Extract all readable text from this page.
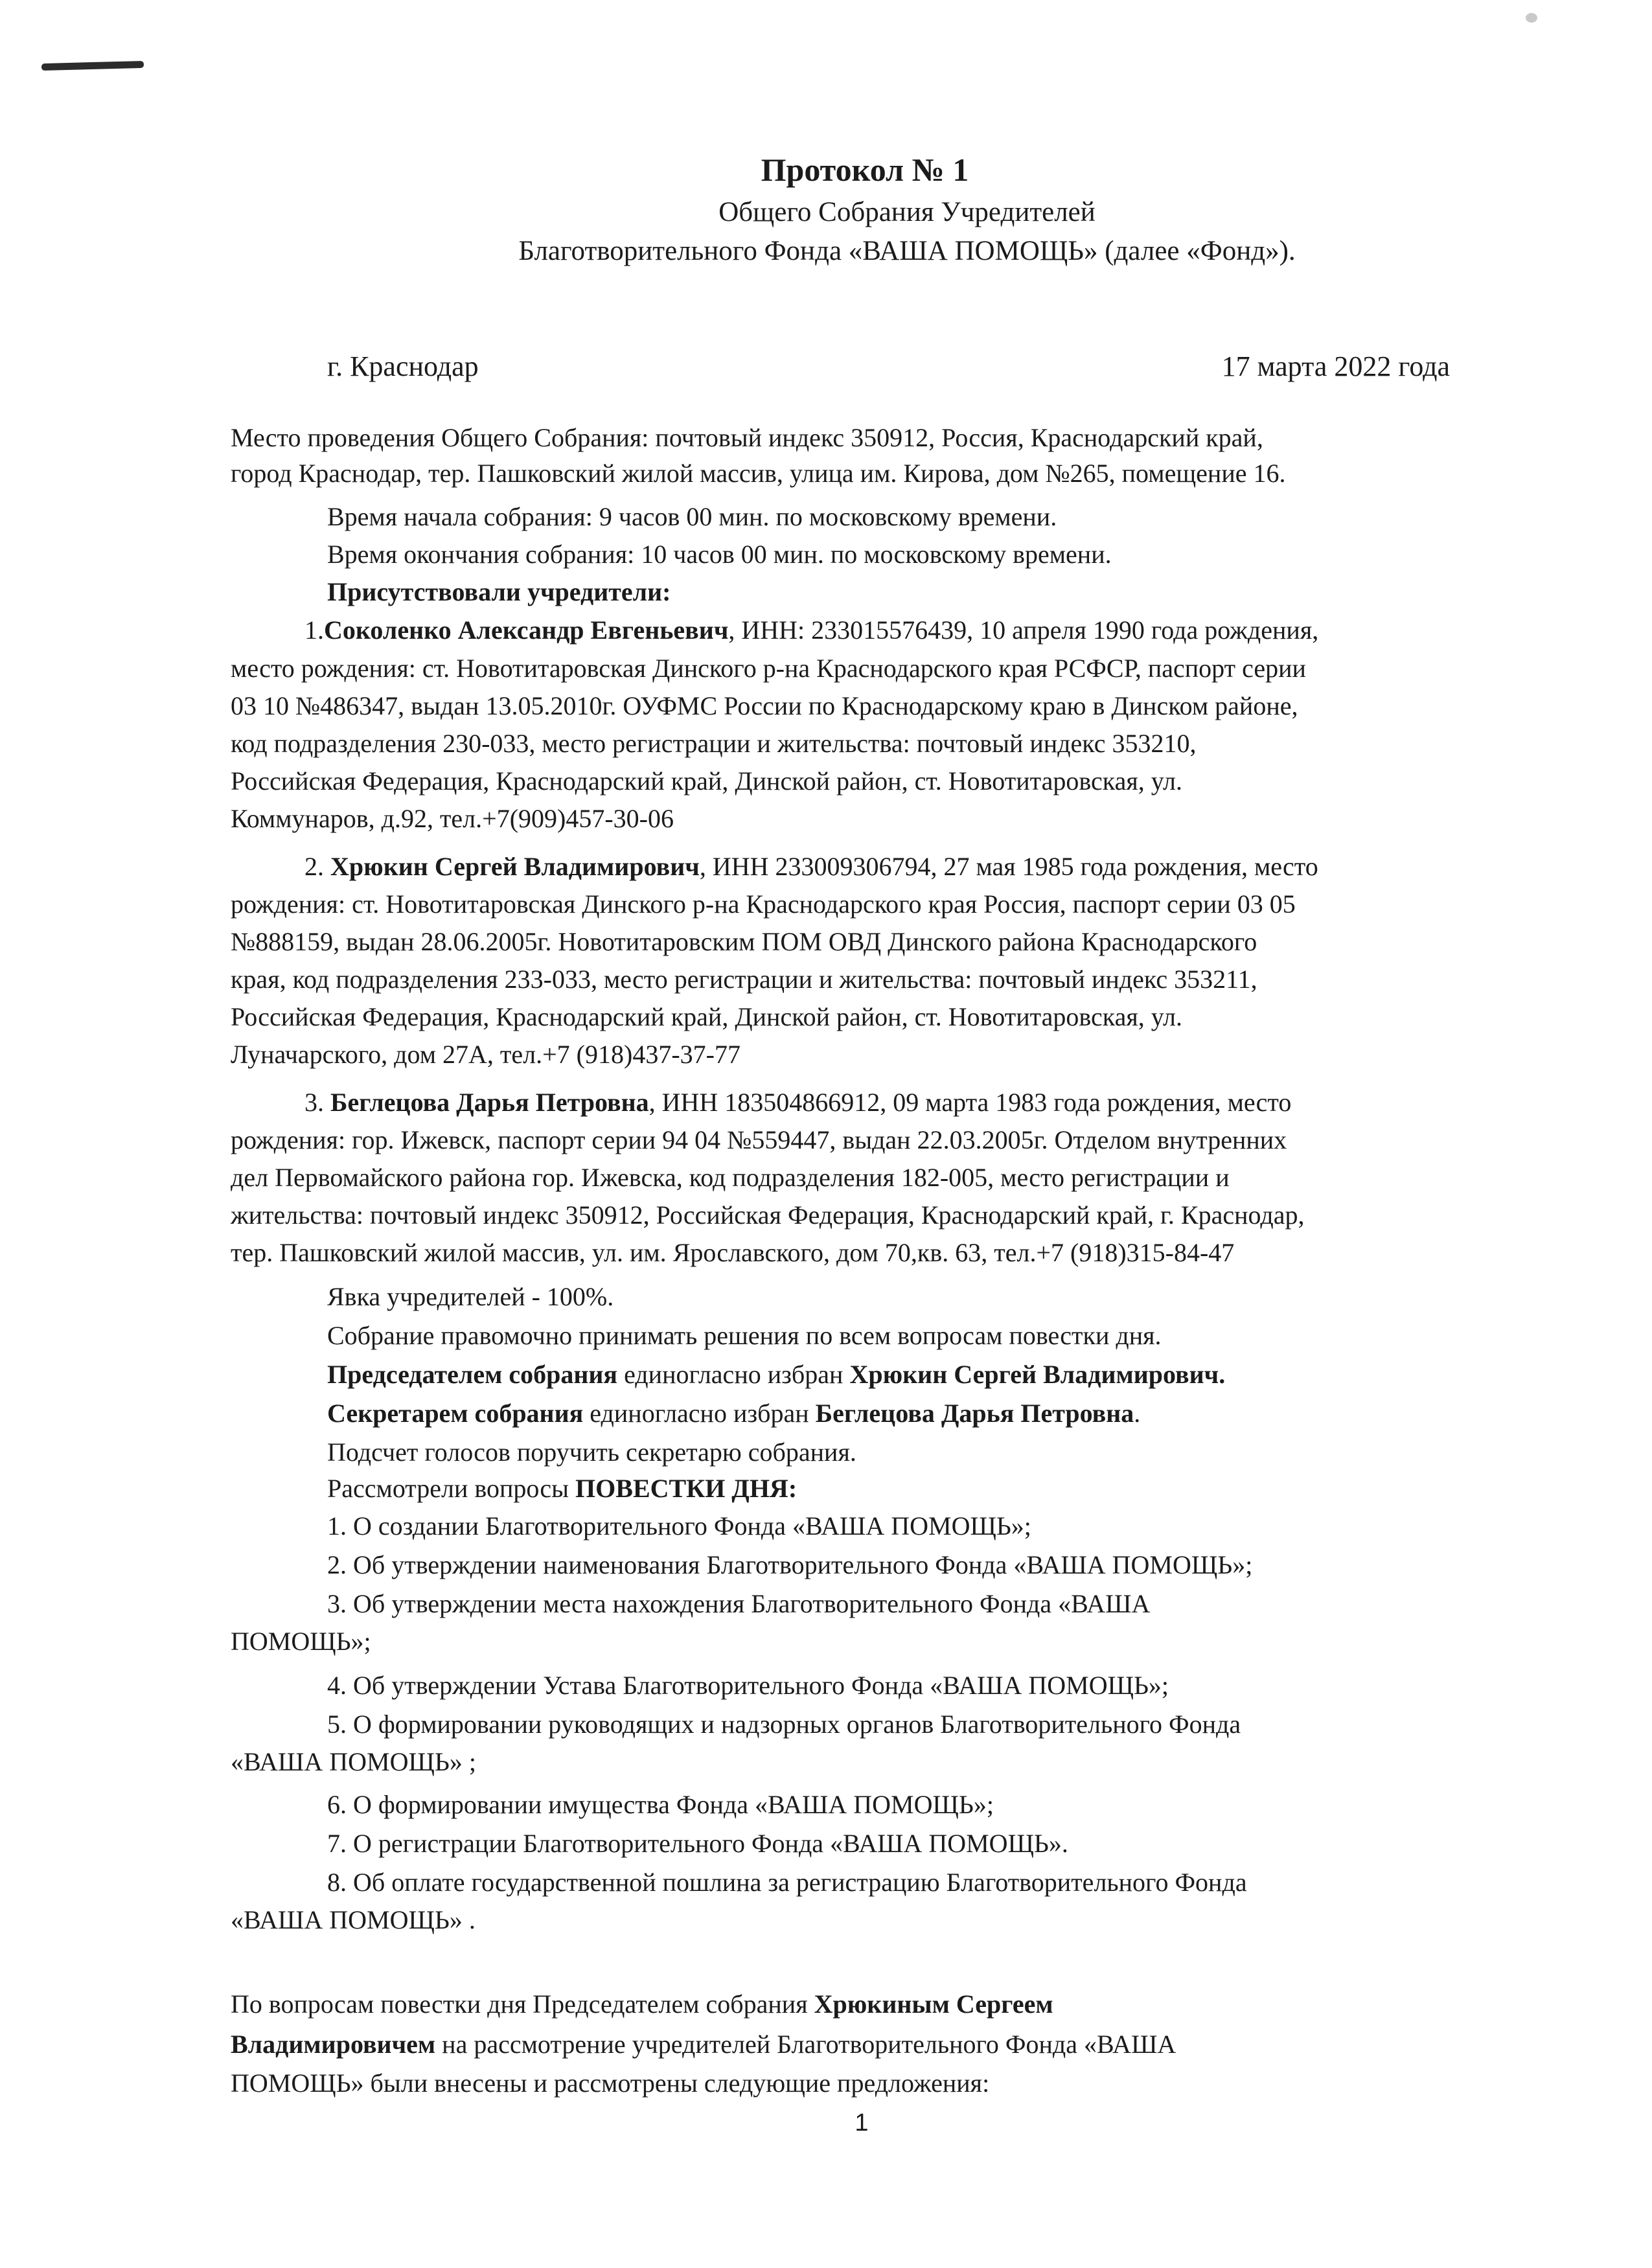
Протокол № 1
Общего Собрания Учредителей
Благотворительного Фонда «ВАША ПОМОЩЬ» (далее «Фонд»).
г. Краснодар	17 марта 2022 года
Место проведения Общего Собрания: почтовый индекс 350912, Россия, Краснодарский край,
город Краснодар, тер. Пашковский жилой массив, улица им. Кирова, дом №265, помещение 16.
Время начала собрания: 9 часов 00 мин. по московскому времени.
Время окончания собрания: 10 часов 00 мин. по московскому времени.
Присутствовали учредители:
1.Соколенко Александр Евгеньевич, ИНН: 233015576439, 10 апреля 1990 года рождения,
место рождения: ст. Новотитаровская Динского р-на Краснодарского края РСФСР, паспорт серии
03 10 №486347, выдан 13.05.2010г. ОУФМС России по Краснодарскому краю в Динском районе,
код подразделения 230-033, место регистрации и жительства: почтовый индекс 353210,
Российская Федерация, Краснодарский край, Динской район, ст. Новотитаровская, ул.
Коммунаров, д.92, тел.+7(909)457-30-06
2. Хрюкин Сергей Владимирович, ИНН 233009306794, 27 мая 1985 года рождения, место
рождения: ст. Новотитаровская Динского р-на Краснодарского края Россия, паспорт серии 03 05
№888159, выдан 28.06.2005г. Новотитаровским ПОМ ОВД Динского района Краснодарского
края, код подразделения 233-033, место регистрации и жительства: почтовый индекс 353211,
Российская Федерация, Краснодарский край, Динской район, ст. Новотитаровская, ул.
Луначарского, дом 27А, тел.+7 (918)437-37-77
3. Беглецова Дарья Петровна, ИНН 183504866912, 09 марта 1983 года рождения, место
рождения: гор. Ижевск, паспорт серии 94 04 №559447, выдан 22.03.2005г. Отделом внутренних
дел Первомайского района гор. Ижевска, код подразделения 182-005, место регистрации и
жительства: почтовый индекс 350912, Российская Федерация, Краснодарский край, г. Краснодар,
тер. Пашковский жилой массив, ул. им. Ярославского, дом 70,кв. 63, тел.+7 (918)315-84-47
Явка учредителей - 100%.
Собрание правомочно принимать решения по всем вопросам повестки дня.
Председателем собрания единогласно избран Хрюкин Сергей Владимирович.
Секретарем собрания единогласно избран Беглецова Дарья Петровна.
Подсчет голосов поручить секретарю собрания.
Рассмотрели вопросы ПОВЕСТКИ ДНЯ:
1. О создании Благотворительного Фонда «ВАША ПОМОЩЬ»;
2. Об утверждении наименования Благотворительного Фонда «ВАША ПОМОЩЬ»;
3. Об утверждении места нахождения Благотворительного Фонда «ВАША
ПОМОЩЬ»;
4. Об утверждении Устава Благотворительного Фонда «ВАША ПОМОЩЬ»;
5. О формировании руководящих и надзорных органов Благотворительного Фонда
«ВАША ПОМОЩЬ» ;
6. О формировании имущества Фонда «ВАША ПОМОЩЬ»;
7. О регистрации Благотворительного Фонда «ВАША ПОМОЩЬ».
8. Об оплате государственной пошлина за регистрацию Благотворительного Фонда
«ВАША ПОМОЩЬ» .
По вопросам повестки дня Председателем собрания Хрюкиным Сергеем
Владимировичем на рассмотрение учредителей Благотворительного Фонда «ВАША
ПОМОЩЬ» были внесены и рассмотрены следующие предложения:
1
